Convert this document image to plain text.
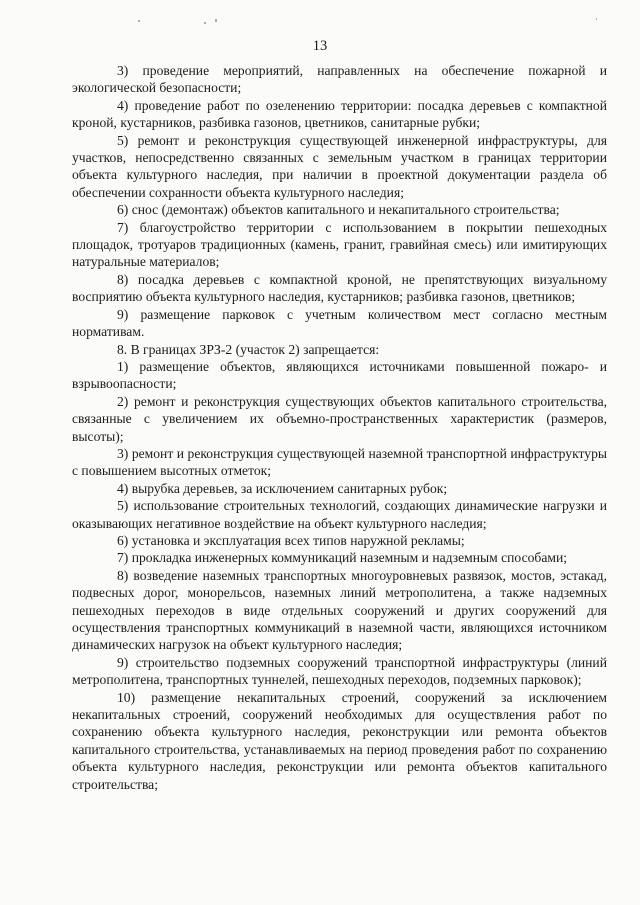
13

3) проведение мероприятий, направленных на обеспечение пожарной и экологической безопасности;

4) проведение работ по озеленению территории: посадка деревьев с компактной кроной, кустарников, разбивка газонов, цветников, санитарные рубки;

5) ремонт и реконструкция существующей инженерной инфраструктуры, для участков, непосредственно связанных с земельным участком в границах территории объекта культурного наследия, при наличии в проектной документации раздела об обеспечении сохранности объекта культурного наследия;

6) снос (демонтаж) объектов капитального и некапитального строительства;

7) благоустройство территории с использованием в покрытии пешеходных площадок, тротуаров традиционных (камень, гранит, гравийная смесь) или имитирующих натуральные материалов;

8) посадка деревьев с компактной кроной, не препятствующих визуальному восприятию объекта культурного наследия, кустарников; разбивка газонов, цветников;

9) размещение парковок с учетным количеством мест согласно местным нормативам.

8. В границах ЗРЗ-2 (участок 2) запрещается:

1) размещение объектов, являющихся источниками повышенной пожаро- и взрывоопасности;

2) ремонт и реконструкция существующих объектов капитального строительства, связанные с увеличением их объемно-пространственных характеристик (размеров, высоты);

3) ремонт и реконструкция существующей наземной транспортной инфраструктуры с повышением высотных отметок;

4) вырубка деревьев, за исключением санитарных рубок;

5) использование строительных технологий, создающих динамические нагрузки и оказывающих негативное воздействие на объект культурного наследия;

6) установка и эксплуатация всех типов наружной рекламы;

7) прокладка инженерных коммуникаций наземным и надземным способами;

8) возведение наземных транспортных многоуровневых развязок, мостов, эстакад, подвесных дорог, монорельсов, наземных линий метрополитена, а также надземных пешеходных переходов в виде отдельных сооружений и других сооружений для осуществления транспортных коммуникаций в наземной части, являющихся источником динамических нагрузок на объект культурного наследия;

9) строительство подземных сооружений транспортной инфраструктуры (линий метрополитена, транспортных туннелей, пешеходных переходов, подземных парковок);

10) размещение некапитальных строений, сооружений за исключением некапитальных строений, сооружений необходимых для осуществления работ по сохранению объекта культурного наследия, реконструкции или ремонта объектов капитального строительства, устанавливаемых на период проведения работ по сохранению объекта культурного наследия, реконструкции или ремонта объектов капитального строительства;
